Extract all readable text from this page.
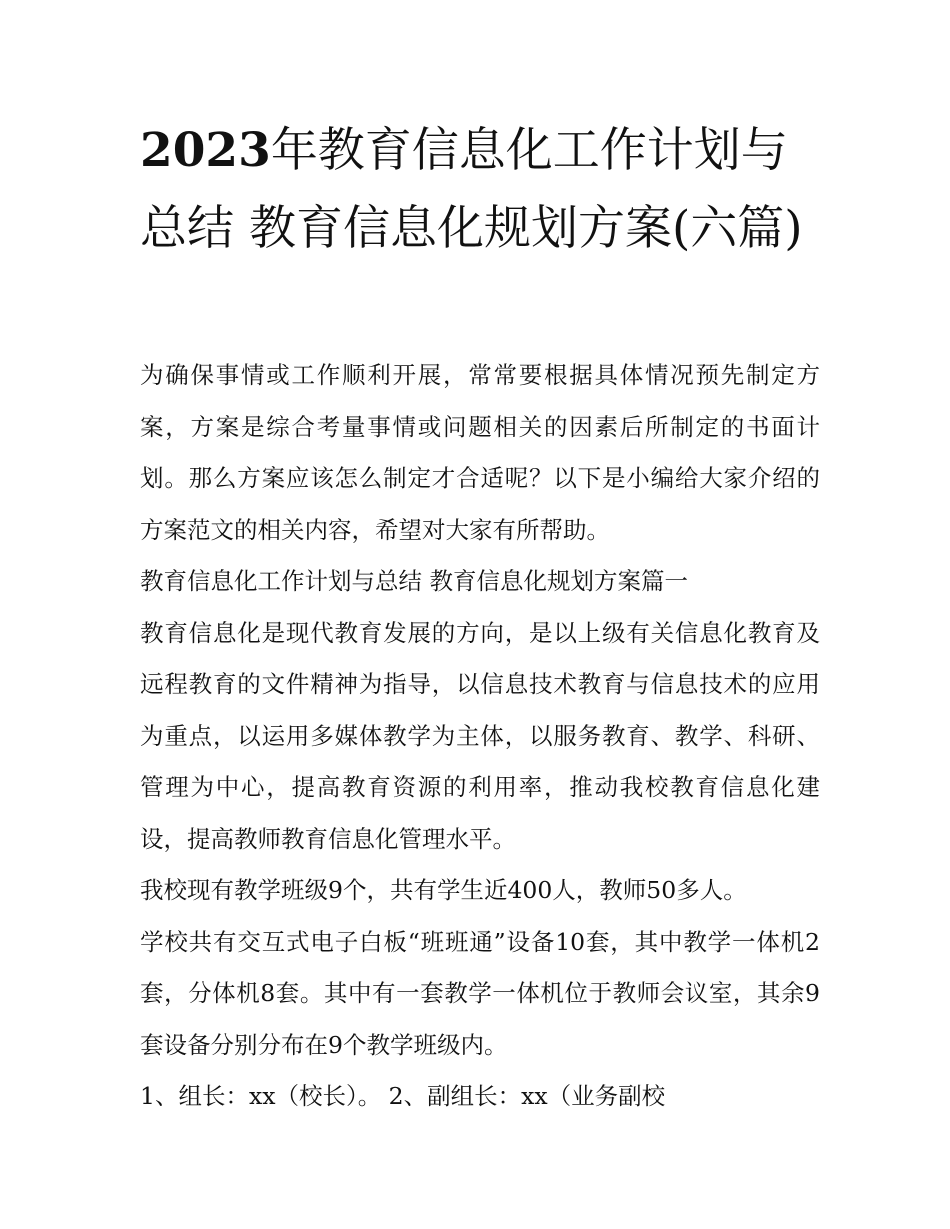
2023年教育信息化工作计划与总结 教育信息化规划方案(六篇)

为确保事情或工作顺利开展，常常要根据具体情况预先制定方案，方案是综合考量事情或问题相关的因素后所制定的书面计划。那么方案应该怎么制定才合适呢？以下是小编给大家介绍的方案范文的相关内容，希望对大家有所帮助。

教育信息化工作计划与总结 教育信息化规划方案篇一

教育信息化是现代教育发展的方向，是以上级有关信息化教育及远程教育的文件精神为指导，以信息技术教育与信息技术的应用为重点，以运用多媒体教学为主体，以服务教育、教学、科研、管理为中心，提高教育资源的利用率，推动我校教育信息化建设，提高教师教育信息化管理水平。

我校现有教学班级9个，共有学生近400人，教师50多人。

学校共有交互式电子白板“班班通”设备10套，其中教学一体机2套，分体机8套。其中有一套教学一体机位于教师会议室，其余9套设备分别分布在9个教学班级内。

1、组长：xx（校长）。 2、副组长：xx（业务副校
